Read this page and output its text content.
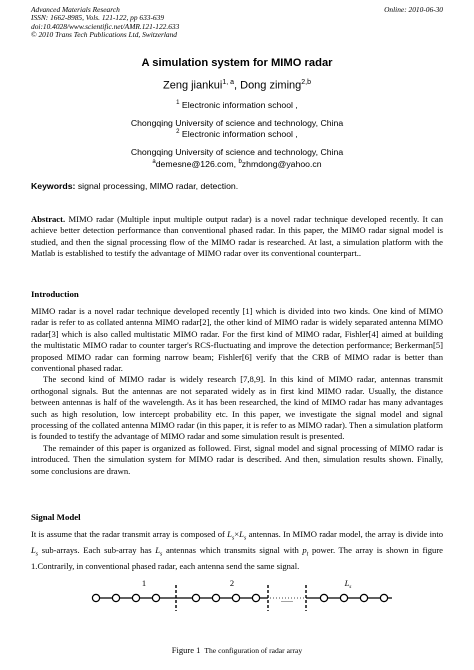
Advanced Materials Research
ISSN: 1662-8985, Vols. 121-122, pp 633-639
doi:10.4028/www.scientific.net/AMR.121-122.633
© 2010 Trans Tech Publications Ltd, Switzerland
Online: 2010-06-30
A simulation system for MIMO radar
Zeng jiankui$^{1, a}$, Dong ziming$^{2,b}$
$^1$ Electronic information school ,
Chongqing University of science and technology, China
$^2$ Electronic information school ,
Chongqing University of science and technology, China
$^a$demesne@126.com, $^b$zhmdong@yahoo.cn
Keywords: signal processing, MIMO radar, detection.

Abstract. MIMO radar (Multiple input multiple output radar) is a novel radar technique developed recently. It can achieve better detection performance than conventional phased radar. In this paper, the MIMO radar signal model is studied, and then the signal processing flow of the MIMO radar is researched. At last, a simulation platform with the Matlab is established to testify the advantage of MIMO radar over its conventional counterpart..

Introduction

MIMO radar is a novel radar technique developed recently [1] which is divided into two kinds. One kind of MIMO radar is refer to as collated antenna MIMO radar[2], the other kind of MIMO radar is widely separated antenna MIMO radar[3] which is also called multistatic MIMO radar. For the first kind of MIMO radar, Fishler[4] aimed at building the multistatic MIMO radar to counter targer's RCS-fluctuating and improve the detection performance; Berkerman[5] proposed MIMO radar can forming narrow beam; Fishler[6] verify that the CRB of MIMO radar is better than conventional phased radar.

The second kind of MIMO radar is widely research [7,8,9]. In this kind of MIMO radar, antennas transmit orthogonal signals. But the antennas are not separated widely as in first kind MIMO radar. Usually, the distance between antennas is half of the wavelength. As it has been researched, the kind of MIMO radar has many advantages such as high resolution, low intercept probability etc. In this paper, we investigate the signal model and signal processing of the collated antenna MIMO radar (in this paper, it is refer to as MIMO radar). Then a simulation platform is founded to testify the advantage of MIMO radar and some simulation result is presented.

The remainder of this paper is organized as followed. First, signal model and signal processing of MIMO radar is introduced. Then the simulation system for MIMO radar is described. And then, simulation results shown. Finally, some conclusions are drawn.

Signal Model

It is assume that the radar transmit array is composed of $L_s\times L_s$ antennas. In MIMO radar model, the array is divide into $L_s$ sub-arrays. Each sub-array has $L_s$ antennas which transmits signal with $p_t$ power. The array is shown in figure 1.Contrarily, in conventional phased radar, each antenna send the same signal.

1	2	$L_s$
......
Figure 1 The configuration of radar array
